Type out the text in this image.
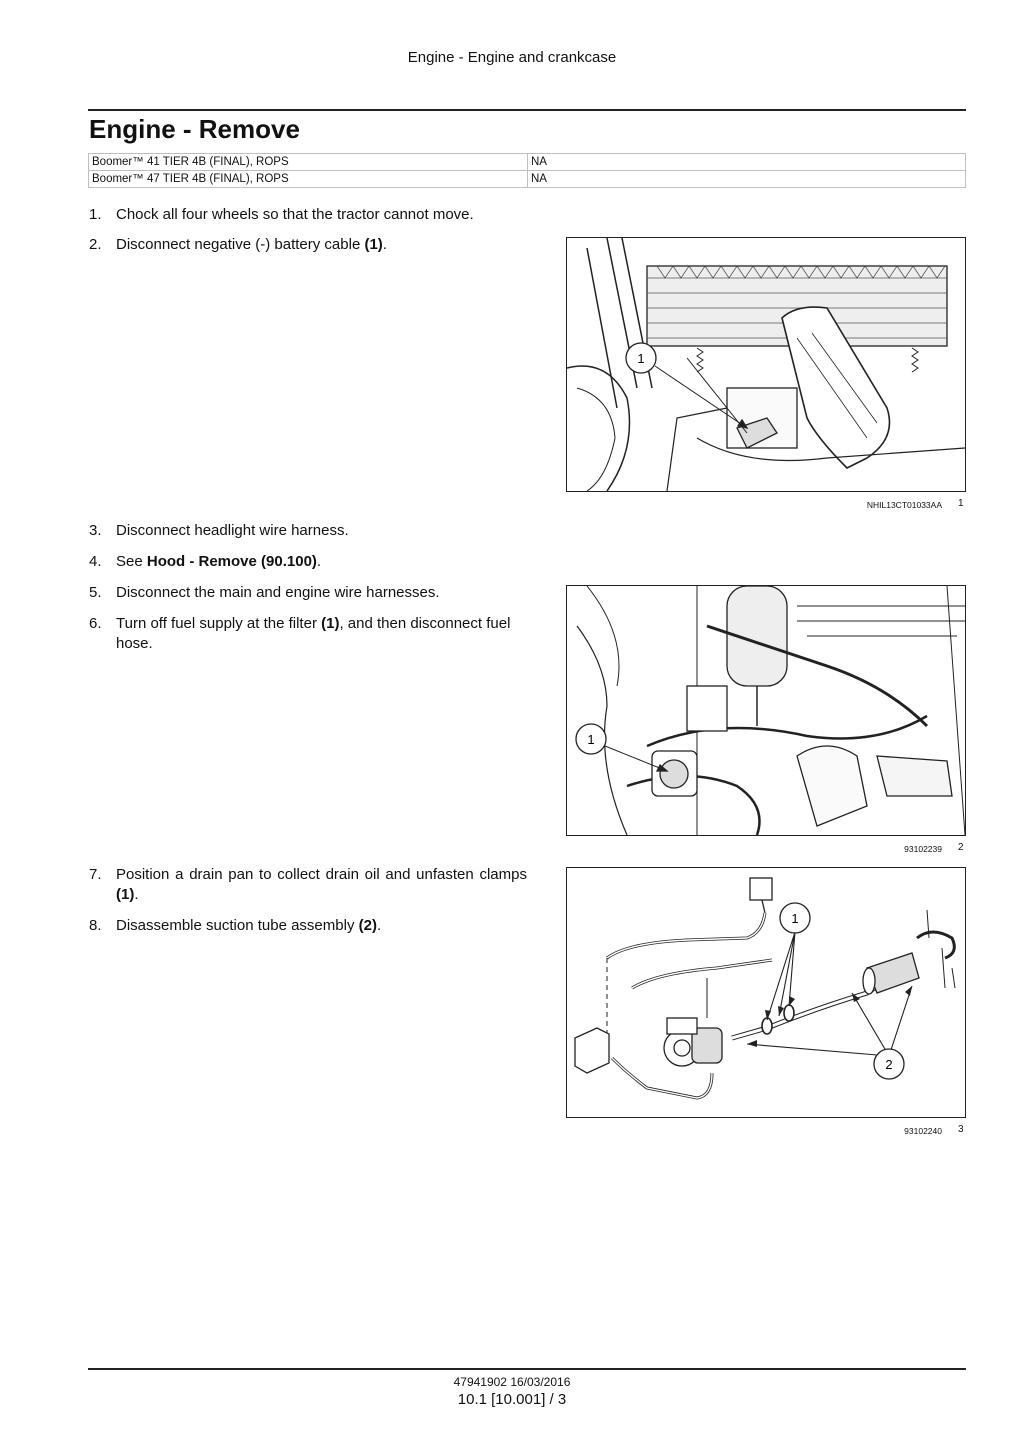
Engine - Engine and crankcase
Engine - Remove
Boomer™ 41 TIER 4B (FINAL), ROPS	NA
Boomer™ 47 TIER 4B (FINAL), ROPS	NA
1. Chock all four wheels so that the tractor cannot move.
2. Disconnect negative (-) battery cable (1).
3. Disconnect headlight wire harness.
4. See Hood - Remove (90.100).
5. Disconnect the main and engine wire harnesses.
6. Turn off fuel supply at the filter (1), and then disconnect fuel hose.
7. Position a drain pan to collect drain oil and unfasten clamps (1).
8. Disassemble suction tube assembly (2).
1
NHIL13CT01033AA 1
1
93102239 2
1
2
93102240 3
47941902 16/03/2016
10.1 [10.001] / 3
